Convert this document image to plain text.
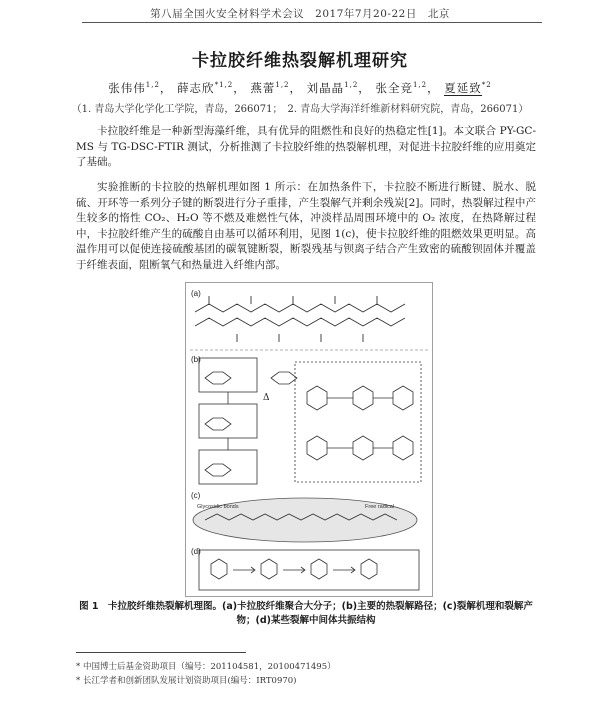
第八届全国火安全材料学术会议　2017年7月20-22日　北京
卡拉胶纤维热裂解机理研究
张伟伟$^{1,2}$， 薛志欣$^{*1,2}$， 燕蕾$^{1,2}$， 刘晶晶$^{1,2}$， 张全竞$^{1,2}$， 夏延致$^{*2}$
（1. 青岛大学化学化工学院，青岛，266071；　2. 青岛大学海洋纤维新材料研究院，青岛，266071）
卡拉胶纤维是一种新型海藻纤维，具有优异的阻燃性和良好的热稳定性[1]。本文联合 PY-GC-MS 与 TG-DSC-FTIR 测试，分析推测了卡拉胶纤维的热裂解机理，对促进卡拉胶纤维的应用奠定了基础。
实验推断的卡拉胶的热解机理如图 1 所示：在加热条件下，卡拉胶不断进行断键、脱水、脱硫、开环等一系列分子键的断裂进行分子重排，产生裂解气并剩余残炭[2]。同时，热裂解过程中产生较多的惰性 CO₂、H₂O 等不燃及难燃性气体，冲淡样品周围环境中的 O₂ 浓度，在热降解过程中，卡拉胶纤维产生的硫酸自由基可以循环利用，见图 1(c)，使卡拉胶纤维的阻燃效果更明显。高温作用可以促使连接硫酸基团的碳氧键断裂，断裂残基与钡离子结合产生致密的硫酸钡固体并覆盖于纤维表面，阻断氧气和热量进入纤维内部。
(a)
(b)
Δ
(c)
Glycosidic bonds	Free radical
(d)
图 1　卡拉胶纤维热裂解机理图。(a)卡拉胶纤维聚合大分子；(b)主要的热裂解路径；(c)裂解机理和裂解产物；(d)某些裂解中间体共振结构
* 中国博士后基金资助项目（编号：201104581，20100471495）
* 长江学者和创新团队发展计划资助项目(编号：IRT0970)
